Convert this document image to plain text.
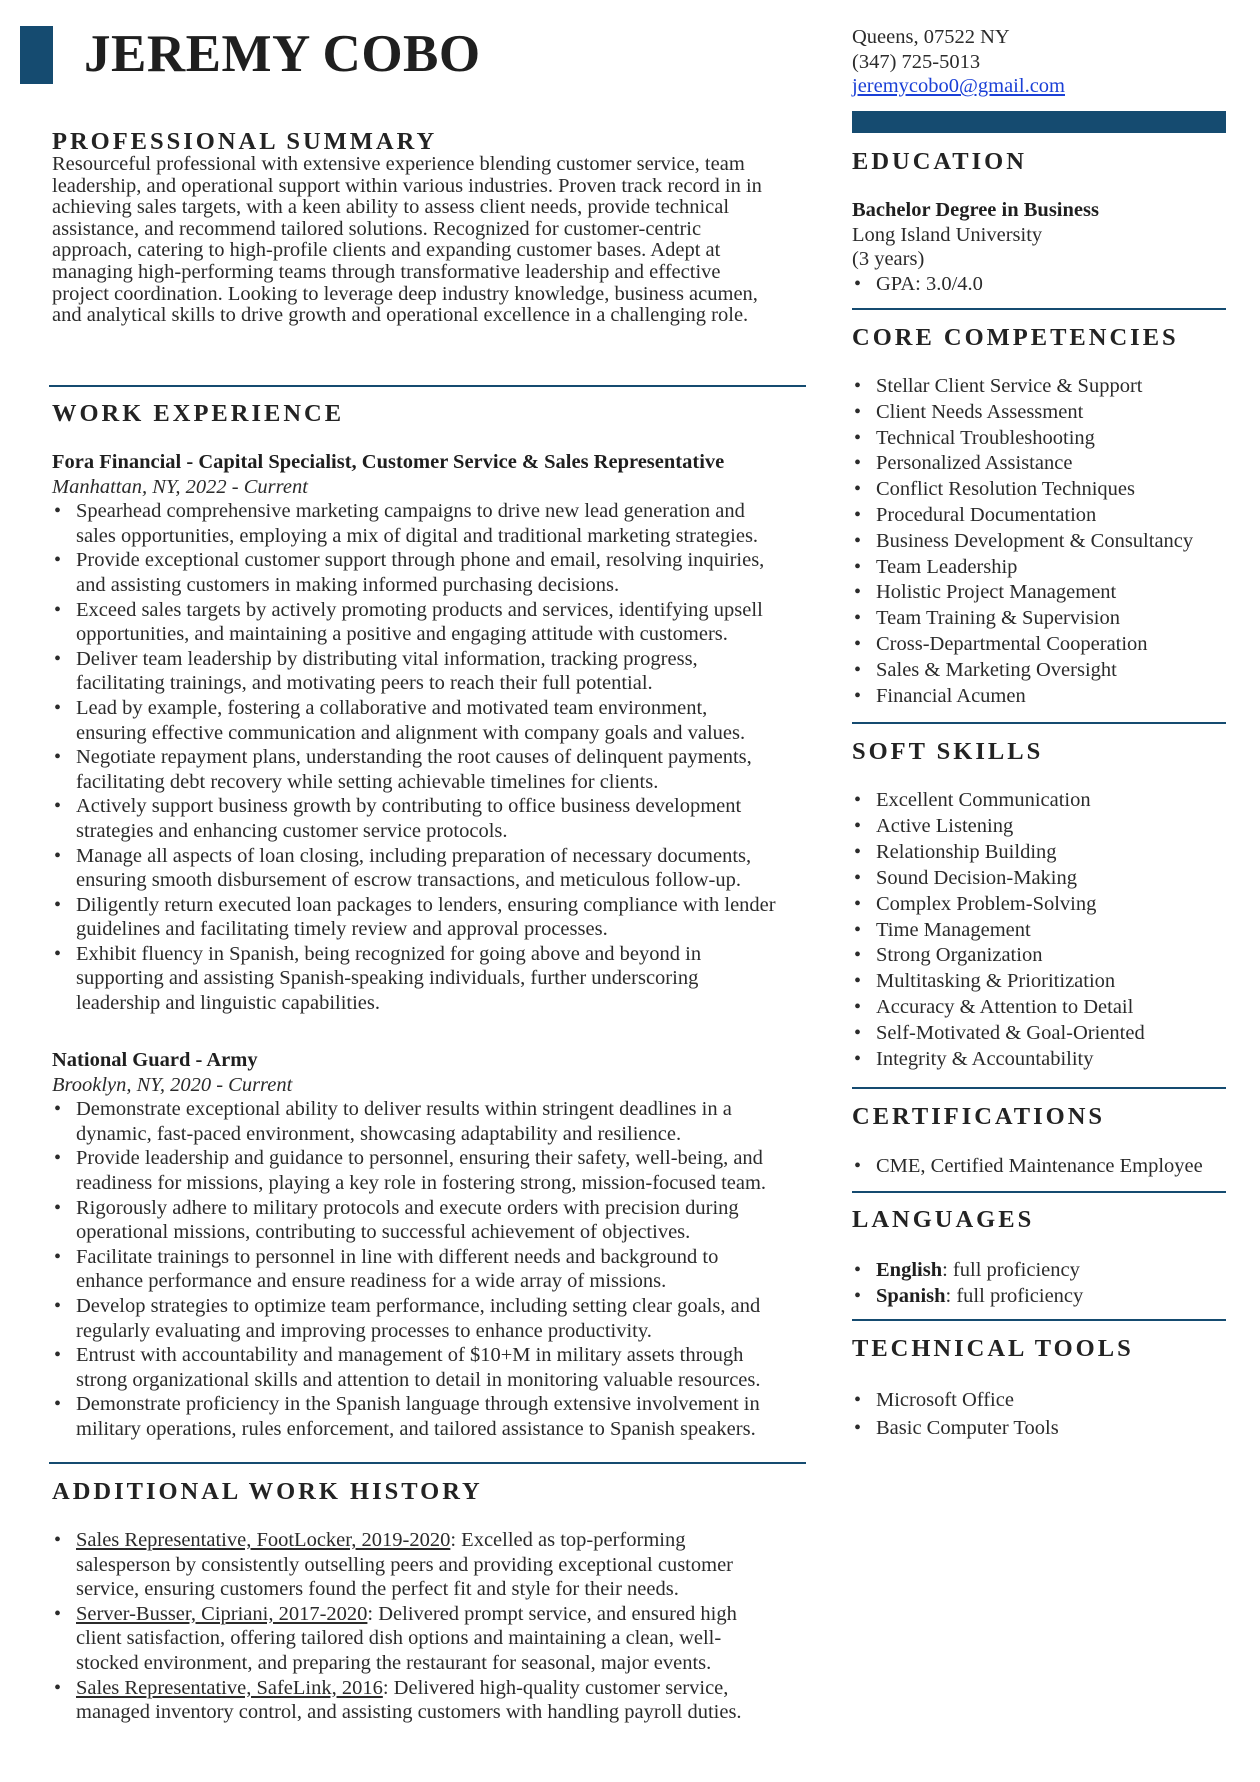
JEREMY COBO
PROFESSIONAL SUMMARY

Resourceful professional with extensive experience blending customer service, team
leadership, and operational support within various industries. Proven track record in in
achieving sales targets, with a keen ability to assess client needs, provide technical
assistance, and recommend tailored solutions. Recognized for customer-centric
approach, catering to high-profile clients and expanding customer bases. Adept at
managing high-performing teams through transformative leadership and effective
project coordination. Looking to leverage deep industry knowledge, business acumen,
and analytical skills to drive growth and operational excellence in a challenging role.

WORK EXPERIENCE
Fora Financial - Capital Specialist, Customer Service & Sales Representative
Manhattan, NY, 2022 - Current
• Spearhead comprehensive marketing campaigns to drive new lead generation and
sales opportunities, employing a mix of digital and traditional marketing strategies.
• Provide exceptional customer support through phone and email, resolving inquiries,
and assisting customers in making informed purchasing decisions.
• Exceed sales targets by actively promoting products and services, identifying upsell
opportunities, and maintaining a positive and engaging attitude with customers.
• Deliver team leadership by distributing vital information, tracking progress,
facilitating trainings, and motivating peers to reach their full potential.
• Lead by example, fostering a collaborative and motivated team environment,
ensuring effective communication and alignment with company goals and values.
• Negotiate repayment plans, understanding the root causes of delinquent payments,
facilitating debt recovery while setting achievable timelines for clients.
• Actively support business growth by contributing to office business development
strategies and enhancing customer service protocols.
• Manage all aspects of loan closing, including preparation of necessary documents,
ensuring smooth disbursement of escrow transactions, and meticulous follow-up.
• Diligently return executed loan packages to lenders, ensuring compliance with lender
guidelines and facilitating timely review and approval processes.
• Exhibit fluency in Spanish, being recognized for going above and beyond in
supporting and assisting Spanish-speaking individuals, further underscoring
leadership and linguistic capabilities.
National Guard - Army
Brooklyn, NY, 2020 - Current
• Demonstrate exceptional ability to deliver results within stringent deadlines in a
dynamic, fast-paced environment, showcasing adaptability and resilience.
• Provide leadership and guidance to personnel, ensuring their safety, well-being, and
readiness for missions, playing a key role in fostering strong, mission-focused team.
• Rigorously adhere to military protocols and execute orders with precision during
operational missions, contributing to successful achievement of objectives.
• Facilitate trainings to personnel in line with different needs and background to
enhance performance and ensure readiness for a wide array of missions.
• Develop strategies to optimize team performance, including setting clear goals, and
regularly evaluating and improving processes to enhance productivity.
• Entrust with accountability and management of $10+M in military assets through
strong organizational skills and attention to detail in monitoring valuable resources.
• Demonstrate proficiency in the Spanish language through extensive involvement in
military operations, rules enforcement, and tailored assistance to Spanish speakers.
ADDITIONAL WORK HISTORY
• Sales Representative, FootLocker, 2019-2020: Excelled as top-performing
salesperson by consistently outselling peers and providing exceptional customer
service, ensuring customers found the perfect fit and style for their needs.
• Server-Busser, Cipriani, 2017-2020: Delivered prompt service, and ensured high
client satisfaction, offering tailored dish options and maintaining a clean, well-
stocked environment, and preparing the restaurant for seasonal, major events.
• Sales Representative, SafeLink, 2016: Delivered high-quality customer service,
managed inventory control, and assisting customers with handling payroll duties.
Queens, 07522 NY
(347) 725-5013
jeremycobo0@gmail.com
EDUCATION
Bachelor Degree in Business
Long Island University
(3 years)
• GPA: 3.0/4.0
CORE COMPETENCIES
• Stellar Client Service & Support
• Client Needs Assessment
• Technical Troubleshooting
• Personalized Assistance
• Conflict Resolution Techniques
• Procedural Documentation
• Business Development & Consultancy
• Team Leadership
• Holistic Project Management
• Team Training & Supervision
• Cross-Departmental Cooperation
• Sales & Marketing Oversight
• Financial Acumen
SOFT SKILLS
• Excellent Communication
• Active Listening
• Relationship Building
• Sound Decision-Making
• Complex Problem-Solving
• Time Management
• Strong Organization
• Multitasking & Prioritization
• Accuracy & Attention to Detail
• Self-Motivated & Goal-Oriented
• Integrity & Accountability
CERTIFICATIONS
• CME, Certified Maintenance Employee
LANGUAGES
• English: full proficiency
• Spanish: full proficiency
TECHNICAL TOOLS
• Microsoft Office
• Basic Computer Tools
